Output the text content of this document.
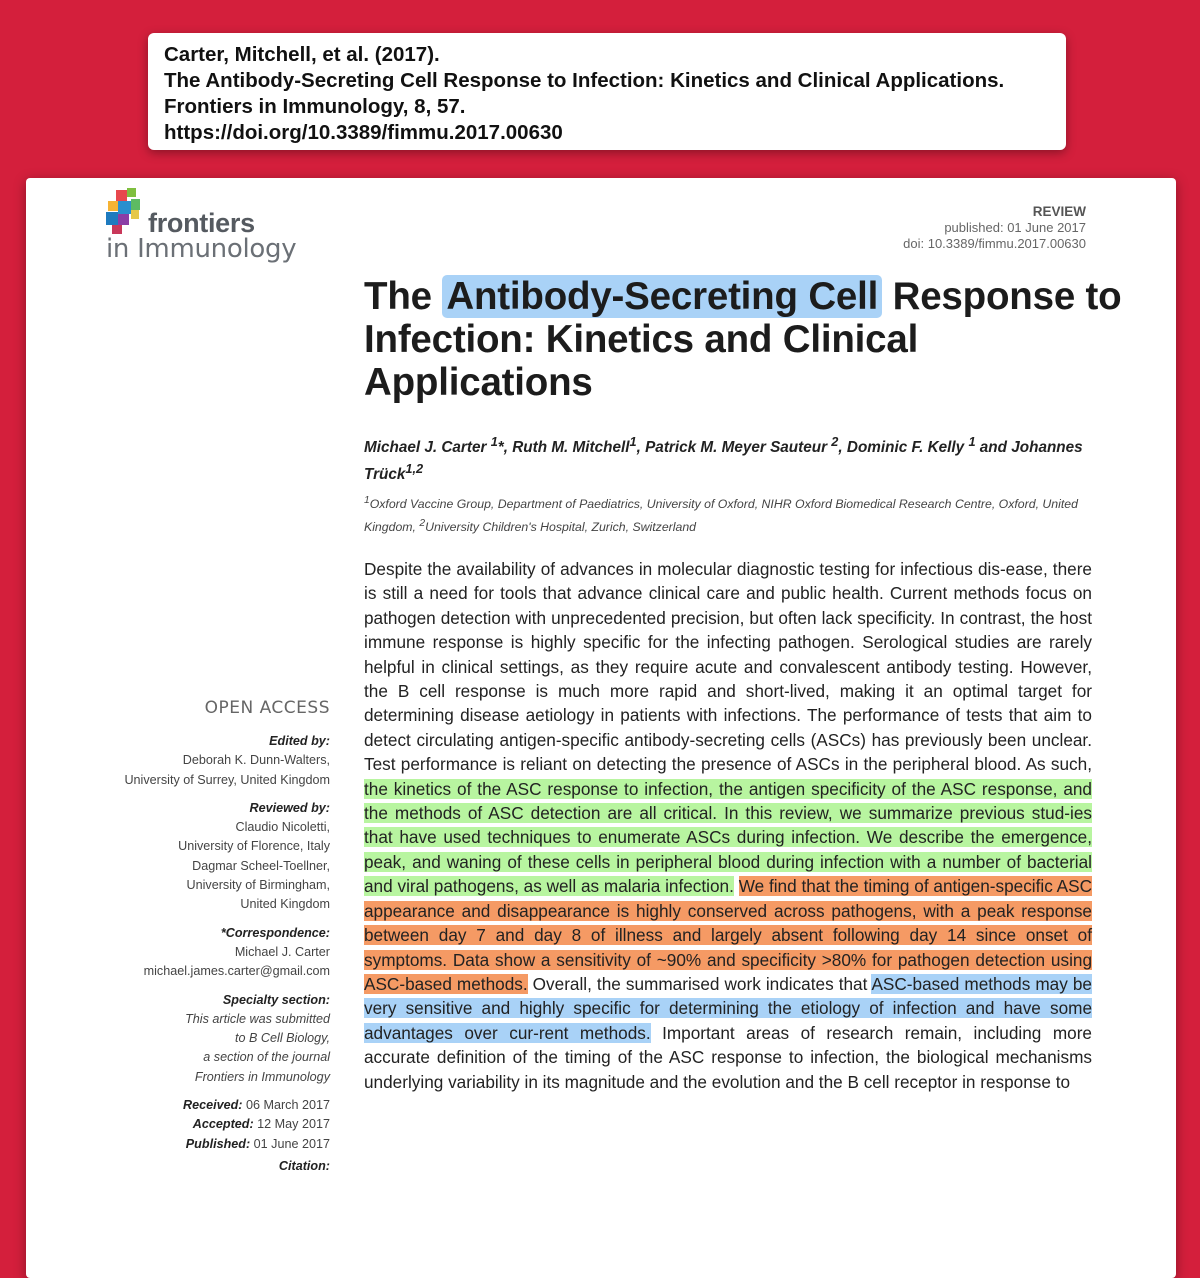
Carter, Mitchell, et al. (2017).
The Antibody-Secreting Cell Response to Infection: Kinetics and Clinical Applications.
Frontiers in Immunology, 8, 57.
https://doi.org/10.3389/fimmu.2017.00630
frontiers
in Immunology
REVIEW
published: 01 June 2017
doi: 10.3389/fimmu.2017.00630
The Antibody-Secreting Cell Response to Infection: Kinetics and Clinical Applications
Michael J. Carter $^1$*, Ruth M. Mitchell$^1$, Patrick M. Meyer Sauteur $^2$, Dominic F. Kelly $^1$ and Johannes Trück$^{1,2}$
$^1$Oxford Vaccine Group, Department of Paediatrics, University of Oxford, NIHR Oxford Biomedical Research Centre, Oxford, United Kingdom, $^2$University Children's Hospital, Zurich, Switzerland
Despite the availability of advances in molecular diagnostic testing for infectious dis-ease, there is still a need for tools that advance clinical care and public health. Current methods focus on pathogen detection with unprecedented precision, but often lack specificity. In contrast, the host immune response is highly specific for the infecting pathogen. Serological studies are rarely helpful in clinical settings, as they require acute and convalescent antibody testing. However, the B cell response is much more rapid and short-lived, making it an optimal target for determining disease aetiology in patients with infections. The performance of tests that aim to detect circulating antigen-specific antibody-secreting cells (ASCs) has previously been unclear. Test performance is reliant on detecting the presence of ASCs in the peripheral blood. As such, the kinetics of the ASC response to infection, the antigen specificity of the ASC response, and the methods of ASC detection are all critical. In this review, we summarize previous stud-ies that have used techniques to enumerate ASCs during infection. We describe the emergence, peak, and waning of these cells in peripheral blood during infection with a number of bacterial and viral pathogens, as well as malaria infection. We find that the timing of antigen-specific ASC appearance and disappearance is highly conserved across pathogens, with a peak response between day 7 and day 8 of illness and largely absent following day 14 since onset of symptoms. Data show a sensitivity of ~90% and specificity >80% for pathogen detection using ASC-based methods. Overall, the summarised work indicates that ASC-based methods may be very sensitive and highly specific for determining the etiology of infection and have some advantages over cur-rent methods. Important areas of research remain, including more accurate definition of the timing of the ASC response to infection, the biological mechanisms underlying variability in its magnitude and the evolution and the B cell receptor in response to
OPEN ACCESS
Edited by:
Deborah K. Dunn-Walters,
University of Surrey, United Kingdom
Reviewed by:
Claudio Nicoletti,
University of Florence, Italy
Dagmar Scheel-Toellner,
University of Birmingham,
United Kingdom
*Correspondence:
Michael J. Carter
michael.james.carter@gmail.com
Specialty section:
This article was submitted
to B Cell Biology,
a section of the journal
Frontiers in Immunology
Received: 06 March 2017
Accepted: 12 May 2017
Published: 01 June 2017
Citation:
